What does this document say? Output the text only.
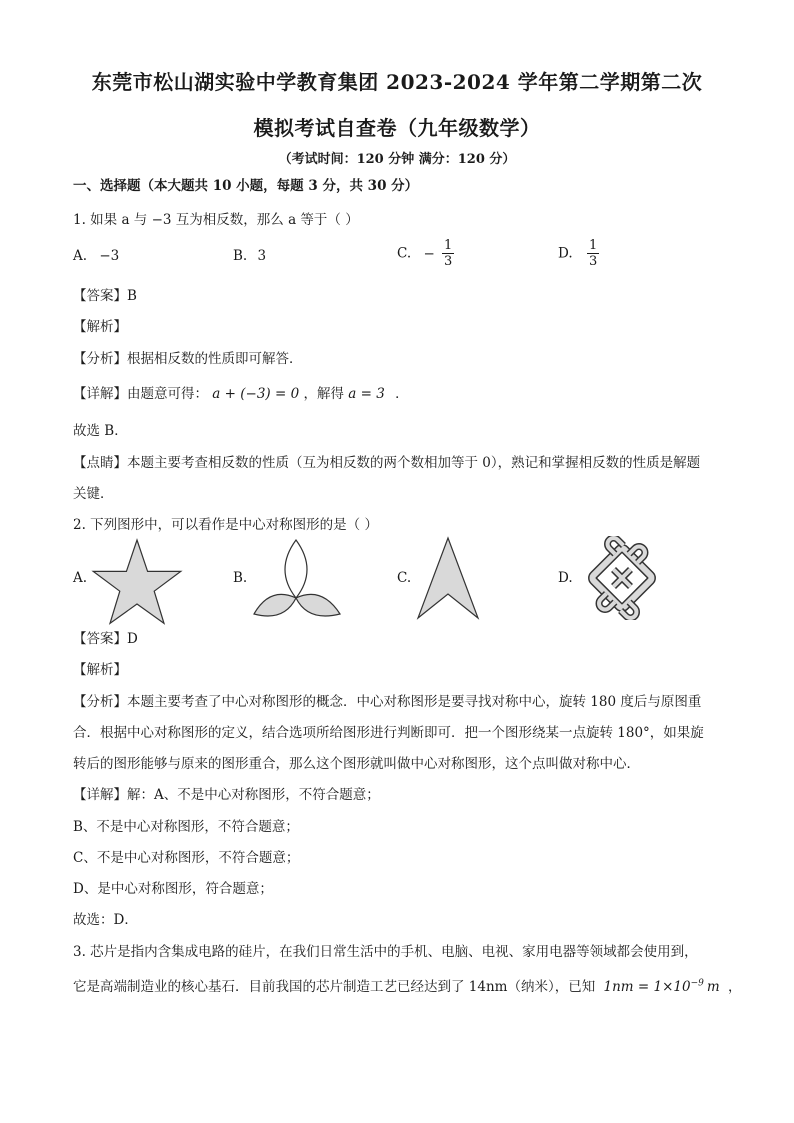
东莞市松山湖实验中学教育集团 2023-2024 学年第二学期第二次
模拟考试自查卷（九年级数学）
（考试时间：120 分钟 满分：120 分）
一、选择题（本大题共 10 小题，每题 3 分，共 30 分）
1. 如果 a 与 −3 互为相反数，那么 a 等于（ ）
A. −3	B. 3	C. − $\frac{1}{3}$	D. $\frac{1}{3}$
【答案】B
【解析】
【分析】根据相反数的性质即可解答．
【详解】由题意可得： a + (−3) = 0 ，解得 a = 3 ．
故选 B．
【点睛】本题主要考查相反数的性质（互为相反数的两个数相加等于 0），熟记和掌握相反数的性质是解题
关键．
2. 下列图形中，可以看作是中心对称图形的是（ ）
A.	B.	C.	D.
【答案】D
【解析】
【分析】本题主要考查了中心对称图形的概念．中心对称图形是要寻找对称中心，旋转 180 度后与原图重
合．根据中心对称图形的定义，结合选项所给图形进行判断即可．把一个图形绕某一点旋转 180°，如果旋
转后的图形能够与原来的图形重合，那么这个图形就叫做中心对称图形，这个点叫做对称中心．
【详解】解：A、不是中心对称图形，不符合题意；
B、不是中心对称图形，不符合题意；
C、不是中心对称图形，不符合题意；
D、是中心对称图形，符合题意；
故选：D．
3. 芯片是指内含集成电路的硅片，在我们日常生活中的手机、电脑、电视、家用电器等领域都会使用到，
它是高端制造业的核心基石．目前我国的芯片制造工艺已经达到了 14nm（纳米），已知 $1nm = 1\times 10^{-9}$ m ，
